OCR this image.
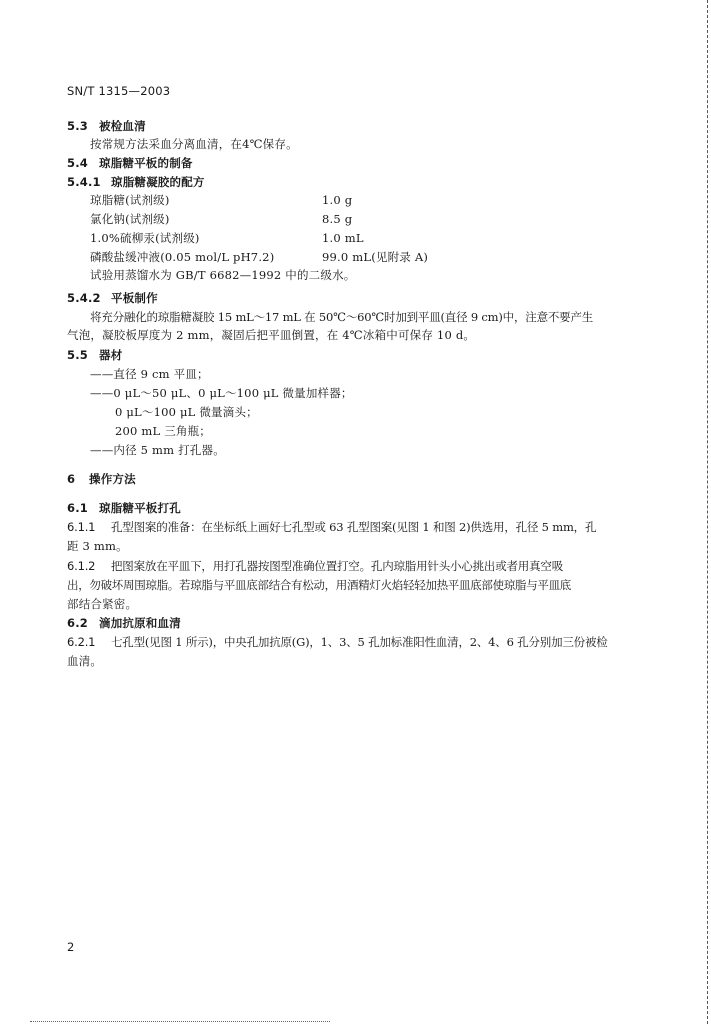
SN/T 1315—2003
5.3 被检血清
按常规方法采血分离血清，在4℃保存。
5.4 琼脂糖平板的制备
5.4.1 琼脂糖凝胶的配方
琼脂糖(试剂级)	1.0 g
氯化钠(试剂级)	8.5 g
1.0%硫柳汞(试剂级)	1.0 mL
磷酸盐缓冲液(0.05 mol/L pH7.2)	99.0 mL(见附录 A)
试验用蒸馏水为 GB/T 6682—1992 中的二级水。
5.4.2 平板制作
将充分融化的琼脂糖凝胶 15 mL～17 mL 在 50℃～60℃时加到平皿(直径 9 cm)中，注意不要产生
气泡，凝胶板厚度为 2 mm，凝固后把平皿倒置，在 4℃冰箱中可保存 10 d。
5.5 器材
——直径 9 cm 平皿；
——0 μL～50 μL、0 μL～100 μL 微量加样器；
0 μL～100 μL 微量滴头；
200 mL 三角瓶；
——内径 5 mm 打孔器。
6 操作方法
6.1 琼脂糖平板打孔
6.1.1 孔型图案的准备：在坐标纸上画好七孔型或 63 孔型图案(见图 1 和图 2)供选用，孔径 5 mm，孔
距 3 mm。
6.1.2 把图案放在平皿下，用打孔器按图型准确位置打空。孔内琼脂用针头小心挑出或者用真空吸
出，勿破坏周围琼脂。若琼脂与平皿底部结合有松动，用酒精灯火焰轻轻加热平皿底部使琼脂与平皿底
部结合紧密。
6.2 滴加抗原和血清
6.2.1 七孔型(见图 1 所示)，中央孔加抗原(G)，1、3、5 孔加标准阳性血清，2、4、6 孔分别加三份被检
血清。
2
